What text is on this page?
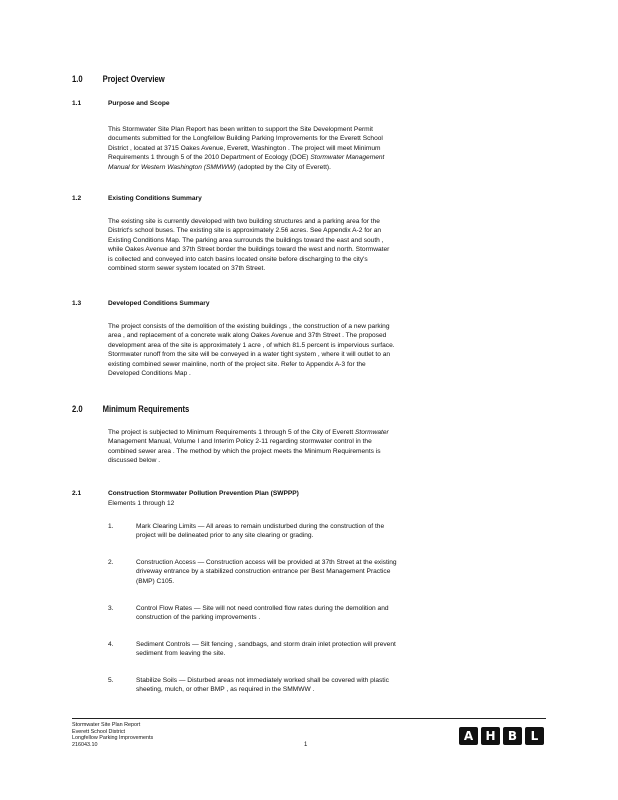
1.0 Project Overview
1.1	Purpose and Scope
This Stormwater Site Plan Report has been written to support the Site Development Permit
documents submitted for the Longfellow Building Parking Improvements for the Everett School
District , located at 3715 Oakes Avenue, Everett, Washington . The project will meet Minimum
Requirements 1 through 5 of the 2010 Department of Ecology (DOE) Stormwater Management
Manual for Western Washington (SMMWW) (adopted by the City of Everett).
1.2	Existing Conditions Summary
The existing site is currently developed with two building structures and a parking area for the
District's school buses. The existing site is approximately 2.56 acres. See Appendix A-2 for an
Existing Conditions Map. The parking area surrounds the buildings toward the east and south ,
while Oakes Avenue and 37th Street border the buildings toward the west and north. Stormwater
is collected and conveyed into catch basins located onsite before discharging to the city's
combined storm sewer system located on 37th Street.
1.3	Developed Conditions Summary
The project consists of the demolition of the existing buildings , the construction of a new parking
area , and replacement of a concrete walk along Oakes Avenue and 37th Street . The proposed
development area of the site is approximately 1 acre , of which 81.5 percent is impervious surface.
Stormwater runoff from the site will be conveyed in a water tight system , where it will outlet to an
existing combined sewer mainline, north of the project site. Refer to Appendix A-3 for the
Developed Conditions Map .
2.0 Minimum Requirements
The project is subjected to Minimum Requirements 1 through 5 of the City of Everett Stormwater
Management Manual, Volume I and Interim Policy 2-11 regarding stormwater control in the
combined sewer area . The method by which the project meets the Minimum Requirements is
discussed below .
2.1	Construction Stormwater Pollution Prevention Plan (SWPPP)
Elements 1 through 12
1.	Mark Clearing Limits — All areas to remain undisturbed during the construction of the
project will be delineated prior to any site clearing or grading.
2.	Construction Access — Construction access will be provided at 37th Street at the existing
driveway entrance by a stabilized construction entrance per Best Management Practice
(BMP) C105.
3.	Control Flow Rates — Site will not need controlled flow rates during the demolition and
construction of the parking improvements .
4.	Sediment Controls — Silt fencing , sandbags, and storm drain inlet protection will prevent
sediment from leaving the site.
5.	Stabilize Soils — Disturbed areas not immediately worked shall be covered with plastic
sheeting, mulch, or other BMP , as required in the SMMWW .
Stormwater Site Plan Report
Everett School District
Longfellow Parking Improvements
216043.10	1
A	H	B	L
